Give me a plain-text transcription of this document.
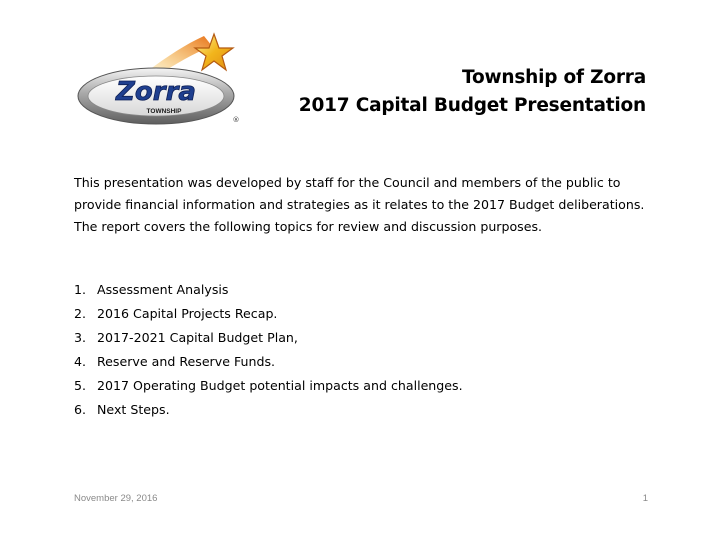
Zorra
TOWNSHIP
®
Township of Zorra
2017 Capital Budget Presentation
This presentation was developed by staff for the Council and members of the public to provide financial information and strategies as it relates to the 2017 Budget deliberations. The report covers the following topics for review and discussion purposes.
1. Assessment Analysis
2. 2016 Capital Projects Recap.
3. 2017-2021 Capital Budget Plan,
4. Reserve and Reserve Funds.
5. 2017 Operating Budget potential impacts and challenges.
6. Next Steps.
November 29, 2016	1
